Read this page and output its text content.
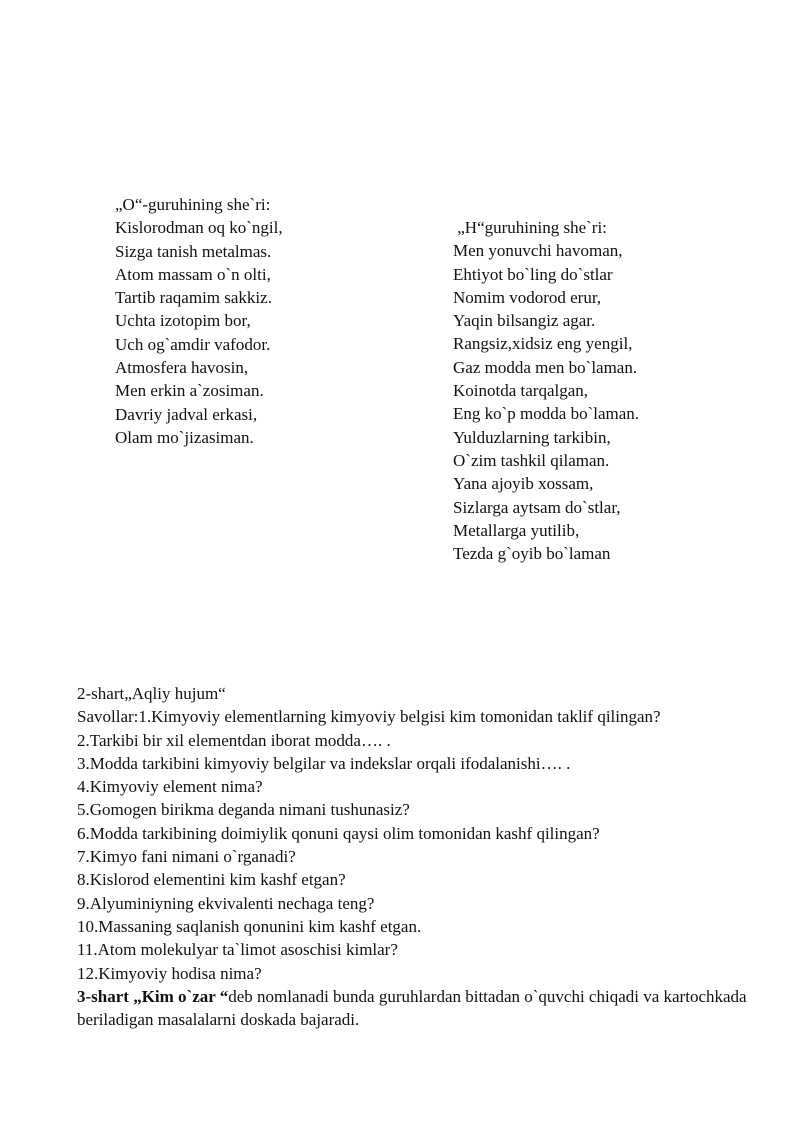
„O“-guruhining she`ri:
Kislorodman oq ko`ngil,
Sizga tanish metalmas.
Atom massam o`n olti,
Tartib raqamim sakkiz.
Uchta izotopim bor,
Uch og`amdir vafodor.
Atmosfera havosin,
Men erkin a`zosiman.
Davriy jadval erkasi,
Olam mo`jizasiman.
„H“guruhining she`ri:
Men yonuvchi havoman,
Ehtiyot bo`ling do`stlar
Nomim vodorod erur,
Yaqin bilsangiz agar.
Rangsiz,xidsiz eng yengil,
Gaz modda men bo`laman.
Koinotda tarqalgan,
Eng ko`p modda bo`laman.
Yulduzlarning tarkibin,
O`zim tashkil qilaman.
Yana ajoyib xossam,
Sizlarga aytsam do`stlar,
Metallarga yutilib,
Tezda g`oyib bo`laman
2-shart„Aqliy hujum“
Savollar:1.Kimyoviy elementlarning kimyoviy belgisi kim tomonidan taklif qilingan?
2.Tarkibi bir xil elementdan iborat modda…. .
3.Modda tarkibini kimyoviy belgilar va indekslar orqali ifodalanishi…. .
4.Kimyoviy element nima?
5.Gomogen birikma deganda nimani tushunasiz?
6.Modda tarkibining doimiylik qonuni qaysi olim tomonidan kashf qilingan?
7.Kimyo fani nimani o`rganadi?
8.Kislorod elementini kim kashf etgan?
9.Alyuminiyning ekvivalenti nechaga teng?
10.Massaning saqlanish qonunini kim kashf etgan.
11.Atom molekulyar ta`limot asoschisi kimlar?
12.Kimyoviy hodisa nima?
3-shart „Kim o`zar “deb nomlanadi bunda guruhlardan bittadan o`quvchi chiqadi va kartochkada beriladigan masalalarni doskada bajaradi.
